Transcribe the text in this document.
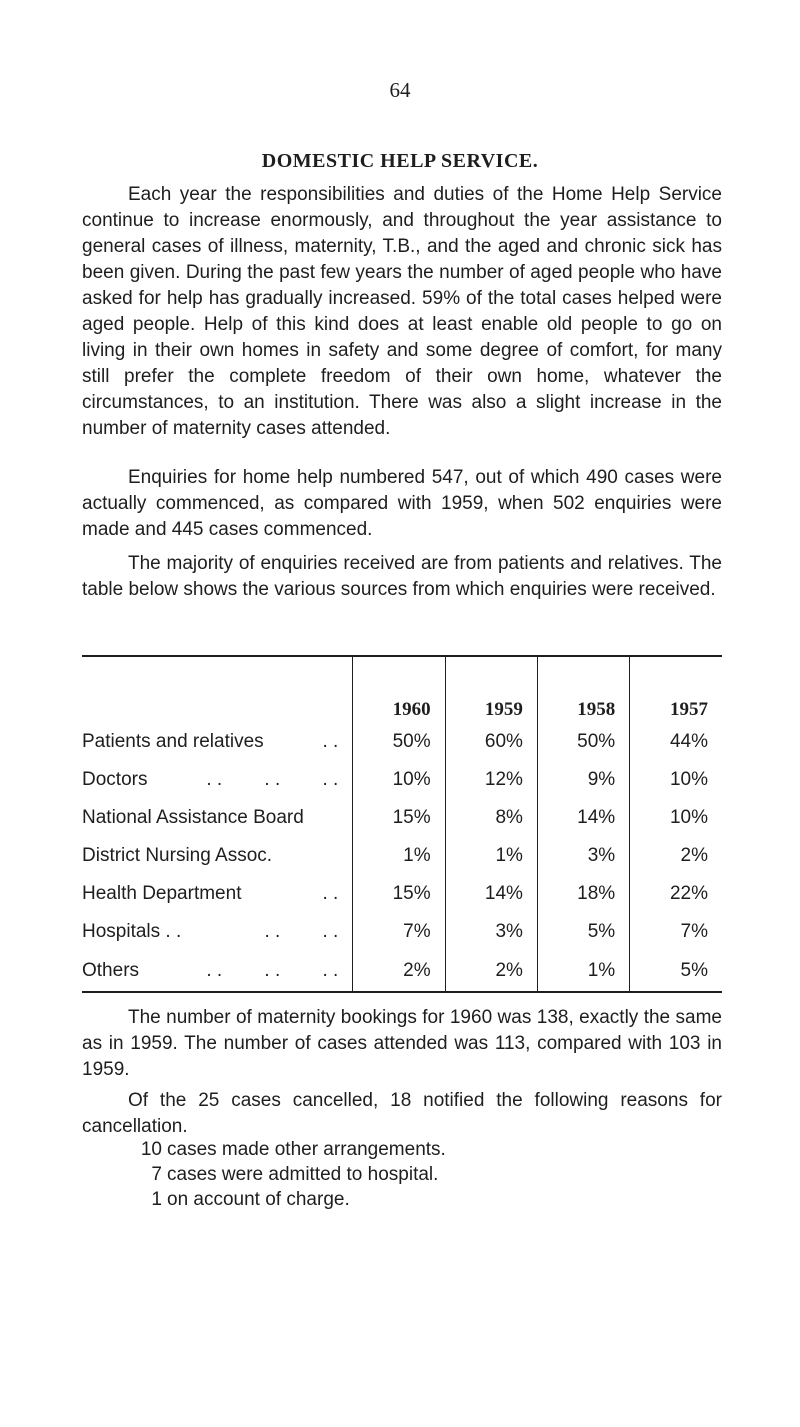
64
DOMESTIC HELP SERVICE.

Each year the responsibilities and duties of the Home Help Service continue to increase enormously, and throughout the year assistance to general cases of illness, maternity, T.B., and the aged and chronic sick has been given. During the past few years the number of aged people who have asked for help has gradually increased. 59% of the total cases helped were aged people. Help of this kind does at least enable old people to go on living in their own homes in safety and some degree of comfort, for many still prefer the complete freedom of their own home, whatever the circumstances, to an institution. There was also a slight increase in the number of maternity cases attended.

Enquiries for home help numbered 547, out of which 490 cases were actually commenced, as compared with 1959, when 502 enquiries were made and 445 cases commenced.

The majority of enquiries received are from patients and relatives. The table below shows the various sources from which enquiries were received.

	1960	1959	1958	1957

Patients and relatives . .	50%	60%	50%	44%

Doctors . .        . .        . .	10%	12%	9%	10%

National Assistance Board	15%	8%	14%	10%

District Nursing Assoc.	1%	1%	3%	2%

Health Department . .	15%	14%	18%	22%

Hospitals . . . .        . .	7%	3%	5%	7%

Others . .        . .        . .	2%	2%	1%	5%

The number of maternity bookings for 1960 was 138, exactly the same as in 1959. The number of cases attended was 113, compared with 103 in 1959.

Of the 25 cases cancelled, 18 notified the following reasons for cancellation.

10 cases made other arrangements.
7 cases were admitted to hospital.
1 on account of charge.
